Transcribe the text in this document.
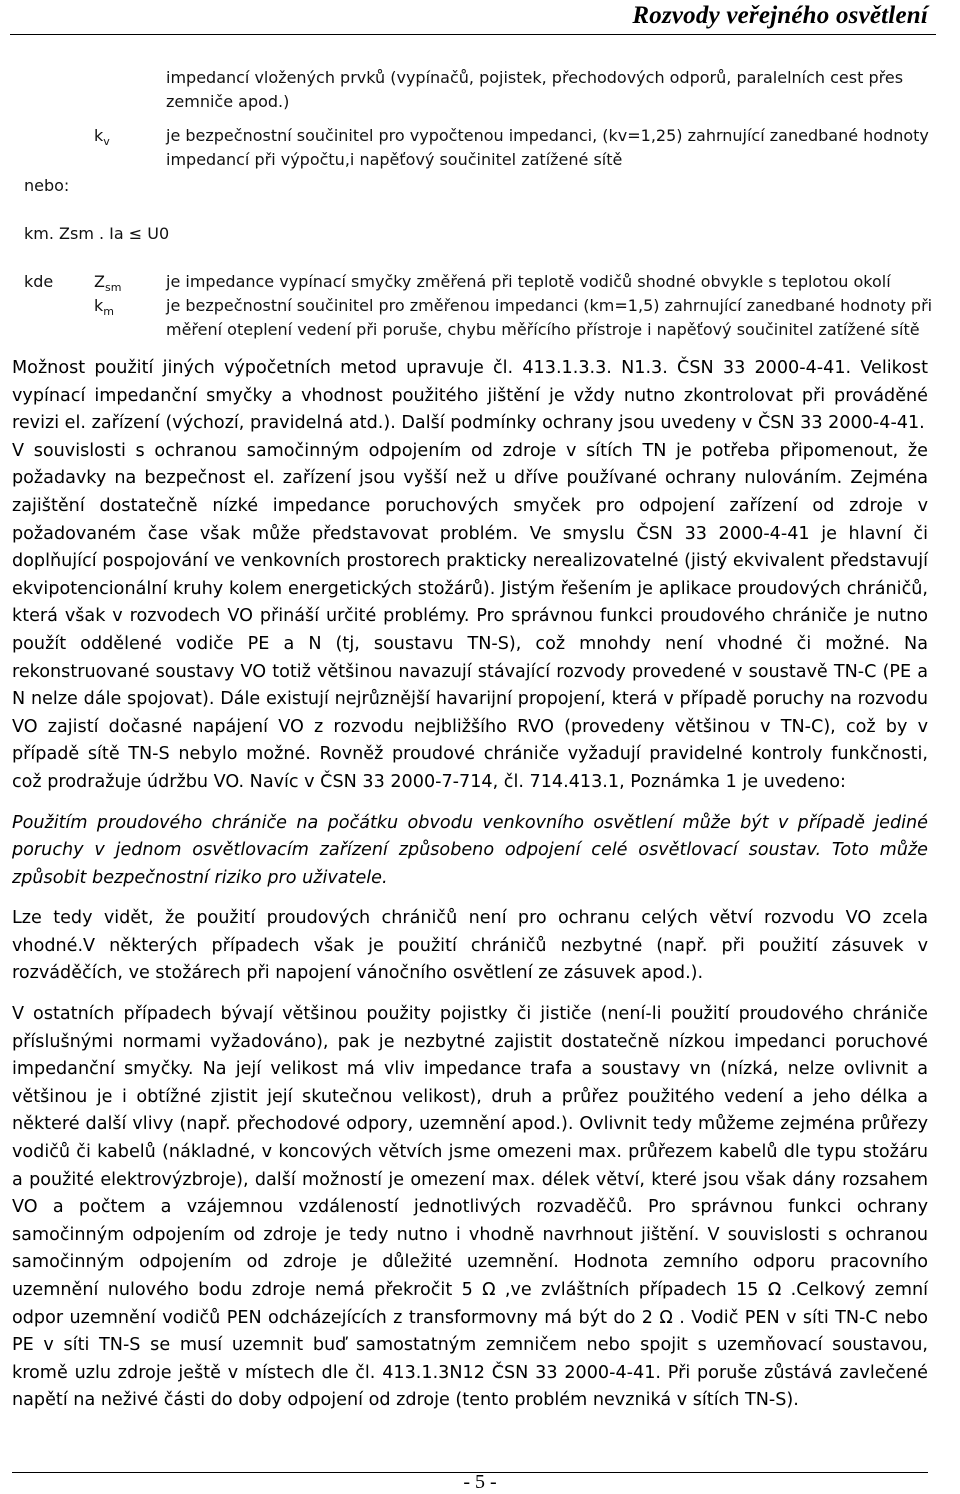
Rozvody veřejného osvětlení
impedancí vložených prvků (vypínačů, pojistek, přechodových odporů, paralelních cest přes
zemniče apod.)
$k_v$	je bezpečnostní součinitel pro vypočtenou impedanci, (kv=1,25) zahrnující zanedbané hodnoty
impedancí při výpočtu,i napěťový součinitel zatížené sítě
nebo:
km. Zsm . Ia ≤ U0
kde	$Z_{sm}$	je impedance vypínací smyčky změřená při teplotě vodičů shodné obvykle s teplotou okolí
$k_m$	je bezpečnostní součinitel pro změřenou impedanci (km=1,5) zahrnující zanedbané hodnoty při
měření oteplení vedení při poruše, chybu měřícího přístroje i napěťový součinitel zatížené sítě

Možnost použití jiných výpočetních metod upravuje čl. 413.1.3.3. N1.3. ČSN 33 2000-4-41. Velikost vypínací impedanční smyčky a vhodnost použitého jištění je vždy nutno zkontrolovat při prováděné revizi el. zařízení (výchozí, pravidelná atd.). Další podmínky ochrany jsou uvedeny v ČSN 33 2000-4-41.

V souvislosti s ochranou samočinným odpojením od zdroje v sítích TN je potřeba připomenout, že požadavky na bezpečnost el. zařízení jsou vyšší než u dříve používané ochrany nulováním. Zejména zajištění dostatečně nízké impedance poruchových smyček pro odpojení zařízení od zdroje v požadovaném čase však může představovat problém. Ve smyslu ČSN 33 2000-4-41 je hlavní či doplňující pospojování ve venkovních prostorech prakticky nerealizovatelné (jistý ekvivalent představují ekvipotencionální kruhy kolem energetických stožárů). Jistým řešením je aplikace proudových chráničů, která však v rozvodech VO přináší určité problémy. Pro správnou funkci proudového chrániče je nutno použít oddělené vodiče PE a N (tj, soustavu TN-S), což mnohdy není vhodné či možné. Na rekonstruované soustavy VO totiž většinou navazují stávající rozvody provedené v soustavě TN-C (PE a N nelze dále spojovat). Dále existují nejrůznější havarijní propojení, která v případě poruchy na rozvodu VO zajistí dočasné napájení VO z rozvodu nejbližšího RVO (provedeny většinou v TN-C), což by v případě sítě TN-S nebylo možné. Rovněž proudové chrániče vyžadují pravidelné kontroly funkčnosti, což prodražuje údržbu VO. Navíc v ČSN 33 2000-7-714, čl. 714.413.1, Poznámka 1 je uvedeno:

Použitím proudového chrániče na počátku obvodu venkovního osvětlení může být v případě jediné poruchy v jednom osvětlovacím zařízení způsobeno odpojení celé osvětlovací soustav. Toto může způsobit bezpečnostní riziko pro uživatele.

Lze tedy vidět, že použití proudových chráničů není pro ochranu celých větví rozvodu VO zcela vhodné.V některých případech však je použití chráničů nezbytné (např. při použití zásuvek v rozváděčích, ve stožárech při napojení vánočního osvětlení ze zásuvek apod.).

V ostatních případech bývají většinou použity pojistky či jističe (není-li použití proudového chrániče příslušnými normami vyžadováno), pak je nezbytné zajistit dostatečně nízkou impedanci poruchové impedanční smyčky. Na její velikost má vliv impedance trafa a soustavy vn (nízká, nelze ovlivnit a většinou je i obtížné zjistit její skutečnou velikost), druh a průřez použitého vedení a jeho délka a některé další vlivy (např. přechodové odpory, uzemnění apod.). Ovlivnit tedy můžeme zejména průřezy vodičů či kabelů (nákladné, v koncových větvích jsme omezeni max. průřezem kabelů dle typu stožáru a použité elektrovýzbroje), další možností je omezení max. délek větví, které jsou však dány rozsahem VO a počtem a vzájemnou vzdáleností jednotlivých rozvaděčů. Pro správnou funkci ochrany samočinným odpojením od zdroje je tedy nutno i vhodně navrhnout jištění. V souvislosti s ochranou samočinným odpojením od zdroje je důležité uzemnění. Hodnota zemního odporu pracovního uzemnění nulového bodu zdroje nemá překročit 5 Ω ,ve zvláštních případech 15 Ω .Celkový zemní odpor uzemnění vodičů PEN odcházejících z transformovny má být do 2 Ω . Vodič PEN v síti TN-C nebo PE v síti TN-S se musí uzemnit buď samostatným zemničem nebo spojit s uzemňovací soustavou, kromě uzlu zdroje ještě v místech dle čl. 413.1.3N12 ČSN 33 2000-4-41. Při poruše zůstává zavlečené napětí na neživé části do doby odpojení od zdroje (tento problém nevzniká v sítích TN-S).

- 5 -
